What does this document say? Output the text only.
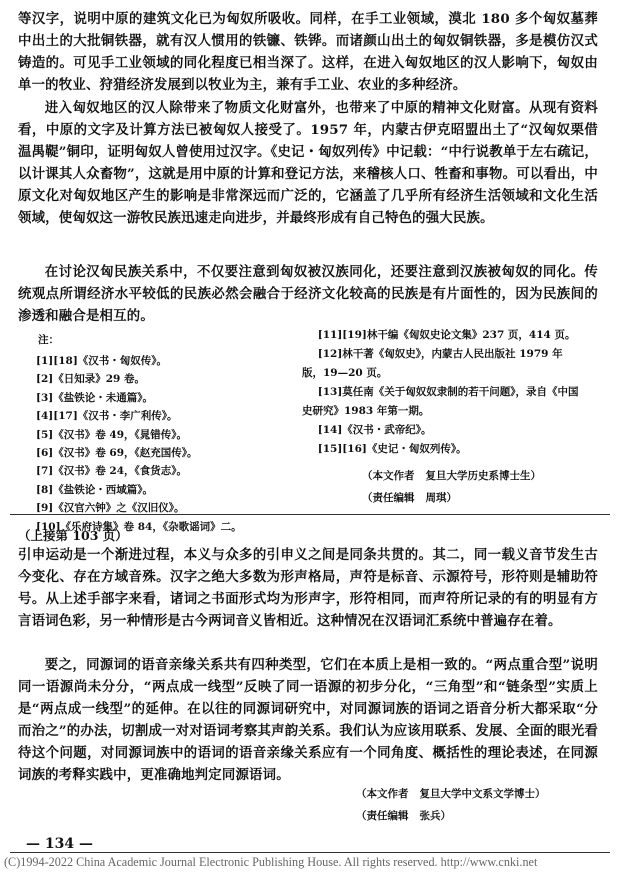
等汉字，说明中原的建筑文化已为匈奴所吸收。同样，在手工业领域，漠北 180 多个匈奴墓葬中出土的大批铜铁器，就有汉人惯用的铁镰、铁铧。而诸颜山出土的匈奴铜铁器，多是模仿汉式铸造的。可见手工业领域的同化程度已相当深了。这样，在进入匈奴地区的汉人影响下，匈奴由单一的牧业、狩猎经济发展到以牧业为主，兼有手工业、农业的多种经济。
进入匈奴地区的汉人除带来了物质文化财富外，也带来了中原的精神文化财富。从现有资料看，中原的文字及计算方法已被匈奴人接受了。1957 年，内蒙古伊克昭盟出土了“汉匈奴栗借温禺鞮”铜印，证明匈奴人曾使用过汉字。《史记・匈奴列传》中记载：“中行说教单于左右疏记，以计课其人众畜物”，这就是用中原的计算和登记方法，来稽核人口、牲畜和事物。可以看出，中原文化对匈奴地区产生的影响是非常深远而广泛的，它涵盖了几乎所有经济生活领域和文化生活领域，使匈奴这一游牧民族迅速走向进步，并最终形成有自己特色的强大民族。
在讨论汉匈民族关系中，不仅要注意到匈奴被汉族同化，还要注意到汉族被匈奴的同化。传统观点所谓经济水平较低的民族必然会融合于经济文化较高的民族是有片面性的，因为民族间的渗透和融合是相互的。
注：
[1][18]《汉书・匈奴传》。
[2]《日知录》29 卷。
[3]《盐铁论・未通篇》。
[4][17]《汉书・李广利传》。
[5]《汉书》卷 49，《晁错传》。
[6]《汉书》卷 69，《赵充国传》。
[7]《汉书》卷 24，《食货志》。
[8]《盐铁论・西域篇》。
[9]《汉官六钟》之《汉旧仪》。
[10]《乐府诗集》卷 84，《杂歌谣词》二。
[11][19]林干编《匈奴史论文集》237 页，414 页。
[12]林干著《匈奴史》，内蒙古人民出版社 1979 年版，19—20 页。
[13]莫任南《关于匈奴奴隶制的若干问题》，录自《中国史研究》1983 年第一期。
[14]《汉书・武帝纪》。
[15][16]《史记・匈奴列传》。
（本文作者   复旦大学历史系博士生）
（责任编辑   周琪）
（上接第 103 页）
引申运动是一个渐进过程，本义与众多的引申义之间是同条共贯的。其二，同一载义音节发生古今变化、存在方域音殊。汉字之绝大多数为形声格局，声符是标音、示源符号，形符则是辅助符号。从上述手部字来看，诸词之书面形式均为形声字，形符相同，而声符所记录的有的明显有方言语词色彩，另一种情形是古今两词音义皆相近。这种情况在汉语词汇系统中普遍存在着。
要之，同源词的语音亲缘关系共有四种类型，它们在本质上是相一致的。“两点重合型”说明同一语源尚未分分，“两点成一线型”反映了同一语源的初步分化，“三角型”和“链条型”实质上是“两点成一线型”的延伸。在以往的同源词研究中，对同源词族的语词之语音分析大都采取“分而治之”的办法，切割成一对对语词考察其声韵关系。我们认为应该用联系、发展、全面的眼光看待这个问题，对同源词族中的语词的语音亲缘关系应有一个同角度、概括性的理论表述，在同源词族的考释实践中，更准确地判定同源语词。
（本文作者   复旦大学中文系文学博士）
（责任编辑   张兵）
— 134 —
(C)1994-2022 China Academic Journal Electronic Publishing House. All rights reserved. http://www.cnki.net
